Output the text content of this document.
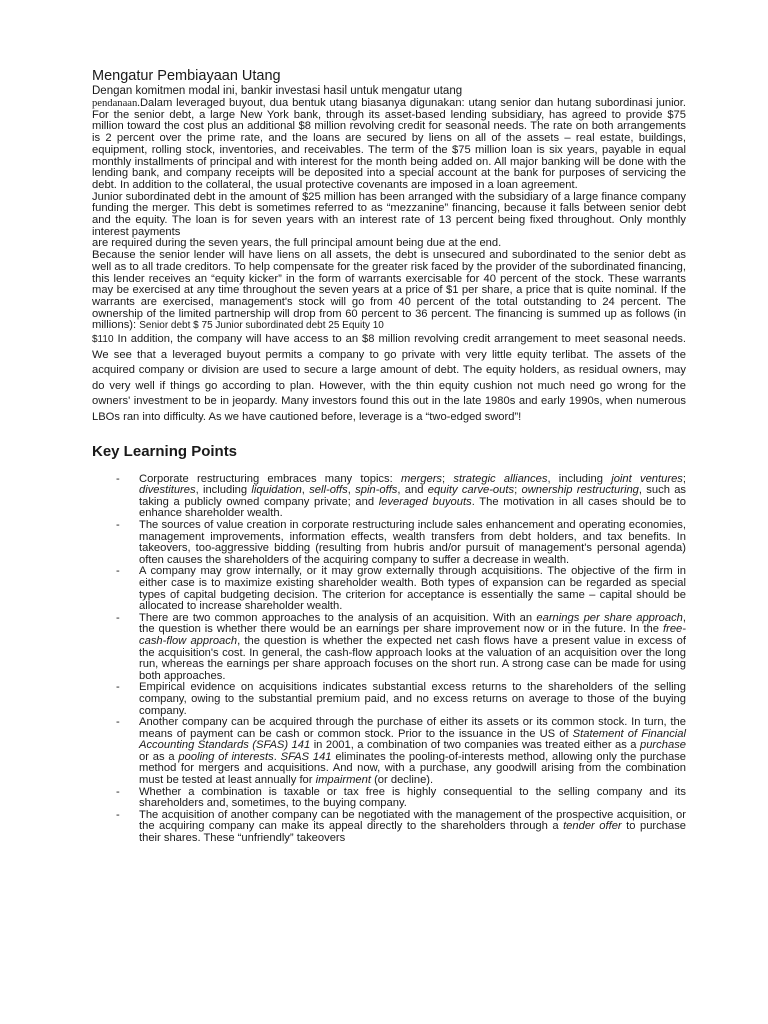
Mengatur Pembiayaan Utang
Dengan komitmen modal ini, bankir investasi hasil untuk mengatur utang

pendanaan.Dalam leveraged buyout, dua bentuk utang biasanya digunakan: utang senior dan hutang subordinasi junior. For the senior debt, a large New York bank, through its asset-based lending subsidiary, has agreed to provide $75 million toward the cost plus an additional $8 million revolving credit for seasonal needs. The rate on both arrangements is 2 percent over the prime rate, and the loans are secured by liens on all of the assets – real estate, buildings, equipment, rolling stock, inventories, and receivables. The term of the $75 million loan is six years, payable in equal monthly installments of principal and with interest for the month being added on. All major banking will be done with the lending bank, and company receipts will be deposited into a special account at the bank for purposes of servicing the debt. In addition to the collateral, the usual protective covenants are imposed in a loan agreement.

Junior subordinated debt in the amount of $25 million has been arranged with the subsidiary of a large finance company funding the merger. This debt is sometimes referred to as “mezzanine” financing, because it falls between senior debt and the equity. The loan is for seven years with an interest rate of 13 percent being fixed throughout. Only monthly interest payments

are required during the seven years, the full principal amount being due at the end.

Because the senior lender will have liens on all assets, the debt is unsecured and subordinated to the senior debt as well as to all trade creditors. To help compensate for the greater risk faced by the provider of the subordinated financing, this lender receives an “equity kicker” in the form of warrants exercisable for 40 percent of the stock. These warrants may be exercised at any time throughout the seven years at a price of $1 per share, a price that is quite nominal. If the warrants are exercised, management's stock will go from 40 percent of the total outstanding to 24 percent. The ownership of the limited partnership will drop from 60 percent to 36 percent. The financing is summed up as follows (in millions): Senior debt $ 75 Junior subordinated debt 25 Equity 10

$110 In addition, the company will have access to an $8 million revolving credit arrangement to meet seasonal needs. We see that a leveraged buyout permits a company to go private with very little equity terlibat. The assets of the acquired company or division are used to secure a large amount of debt. The equity holders, as residual owners, may do very well if things go according to plan. However, with the thin equity cushion not much need go wrong for the owners' investment to be in jeopardy. Many investors found this out in the late 1980s and early 1990s, when numerous LBOs ran into difficulty. As we have cautioned before, leverage is a “two-edged sword”!

Key Learning Points
- Corporate restructuring embraces many topics: mergers; strategic alliances, including joint ventures; divestitures, including liquidation, sell-offs, spin-offs, and equity carve-outs; ownership restructuring, such as taking a publicly owned company private; and leveraged buyouts. The motivation in all cases should be to enhance shareholder wealth.
- The sources of value creation in corporate restructuring include sales enhancement and operating economies, management improvements, information effects, wealth transfers from debt holders, and tax benefits. In takeovers, too-aggressive bidding (resulting from hubris and/or pursuit of management's personal agenda) often causes the shareholders of the acquiring company to suffer a decrease in wealth.
- A company may grow internally, or it may grow externally through acquisitions. The objective of the firm in either case is to maximize existing shareholder wealth. Both types of expansion can be regarded as special types of capital budgeting decision. The criterion for acceptance is essentially the same – capital should be allocated to increase shareholder wealth.
- There are two common approaches to the analysis of an acquisition. With an earnings per share approach, the question is whether there would be an earnings per share improvement now or in the future. In the free-cash-flow approach, the question is whether the expected net cash flows have a present value in excess of the acquisition's cost. In general, the cash-flow approach looks at the valuation of an acquisition over the long run, whereas the earnings per share approach focuses on the short run. A strong case can be made for using both approaches.
- Empirical evidence on acquisitions indicates substantial excess returns to the shareholders of the selling company, owing to the substantial premium paid, and no excess returns on average to those of the buying company.
- Another company can be acquired through the purchase of either its assets or its common stock. In turn, the means of payment can be cash or common stock. Prior to the issuance in the US of Statement of Financial Accounting Standards (SFAS) 141 in 2001, a combination of two companies was treated either as a purchase or as a pooling of interests. SFAS 141 eliminates the pooling-of-interests method, allowing only the purchase method for mergers and acquisitions. And now, with a purchase, any goodwill arising from the combination must be tested at least annually for impairment (or decline).
- Whether a combination is taxable or tax free is highly consequential to the selling company and its shareholders and, sometimes, to the buying company.
- The acquisition of another company can be negotiated with the management of the prospective acquisition, or the acquiring company can make its appeal directly to the shareholders through a tender offer to purchase their shares. These “unfriendly” takeovers
